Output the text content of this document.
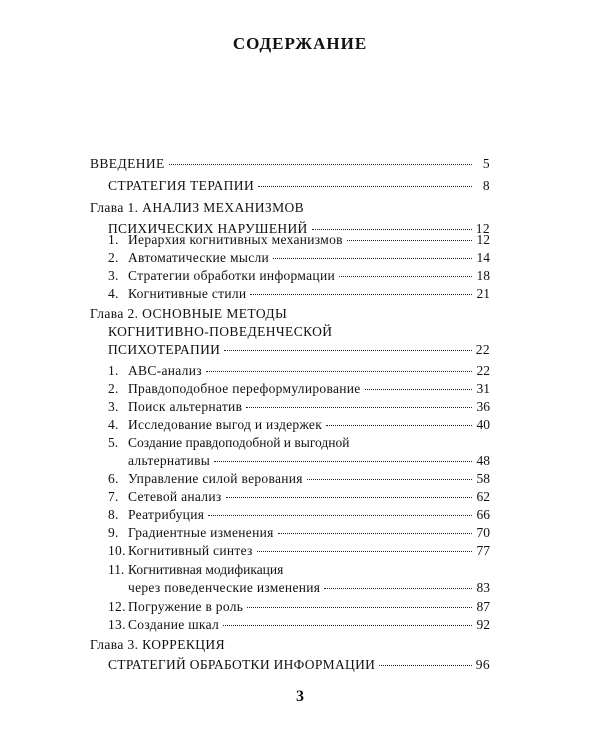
СОДЕРЖАНИЕ
ВВЕДЕНИЕ	5
СТРАТЕГИЯ ТЕРАПИИ	8
Глава 1. АНАЛИЗ МЕХАНИЗМОВ
ПСИХИЧЕСКИХ НАРУШЕНИЙ	12
1. Иерархия когнитивных механизмов	12
2. Автоматические мысли	14
3. Стратегии обработки информации	18
4. Когнитивные стили	21
Глава 2. ОСНОВНЫЕ МЕТОДЫ
КОГНИТИВНО-ПОВЕДЕНЧЕСКОЙ
ПСИХОТЕРАПИИ	22
1. АВС-анализ	22
2. Правдоподобное переформулирование	31
3. Поиск альтернатив	36
4. Исследование выгод и издержек	40
5. Создание правдоподобной и выгодной
альтернативы	48
6. Управление силой верования	58
7. Сетевой анализ	62
8. Реатрибуция	66
9. Градиентные изменения	70
10. Когнитивный синтез	77
11. Когнитивная модификация
через поведенческие изменения	83
12. Погружение в роль	87
13. Создание шкал	92
Глава 3. КОРРЕКЦИЯ
3
СТРАТЕГИЙ ОБРАБОТКИ ИНФОРМАЦИИ	96
